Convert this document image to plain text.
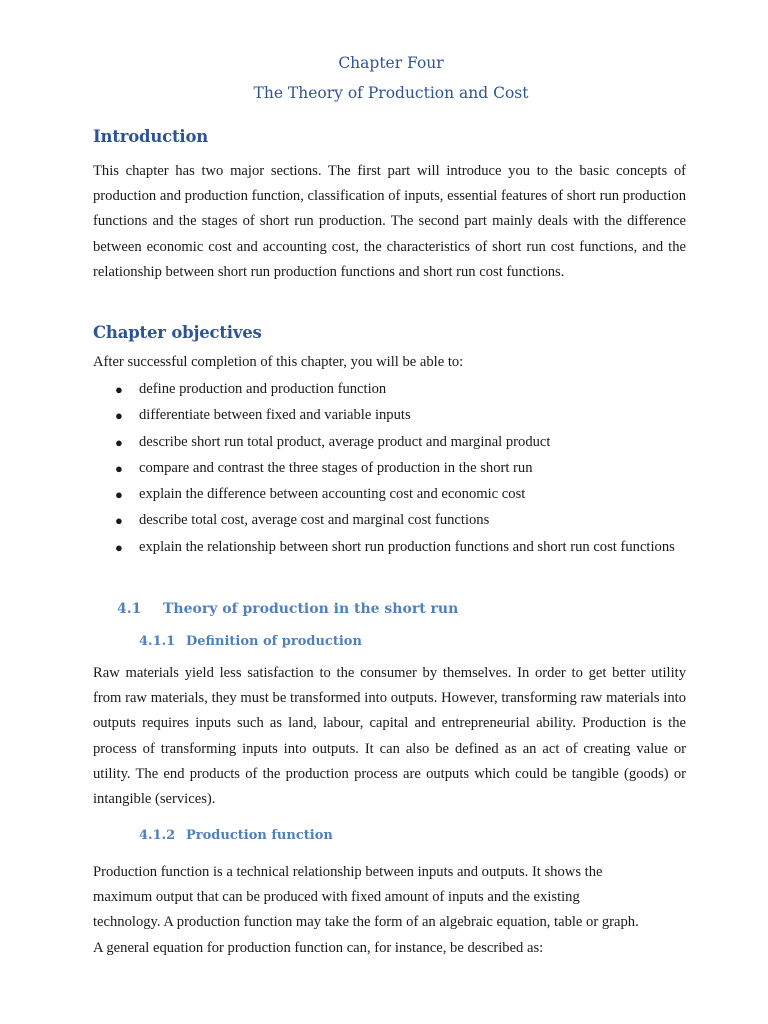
Chapter Four
The Theory of Production and Cost
Introduction
This chapter has two major sections. The first part will introduce you to the basic concepts of production and production function, classification of inputs, essential features of short run production functions and the stages of short run production. The second part mainly deals with the difference between economic cost and accounting cost, the characteristics of short run cost functions, and the relationship between short run production functions and short run cost functions.
Chapter objectives
After successful completion of this chapter, you will be able to:
● define production and production function
● differentiate between fixed and variable inputs
● describe short run total product, average product and marginal product
● compare and contrast the three stages of production in the short run
● explain the difference between accounting cost and economic cost
● describe total cost, average cost and marginal cost functions
● explain the relationship between short run production functions and short run cost functions
4.1 Theory of production in the short run
4.1.1 Definition of production
Raw materials yield less satisfaction to the consumer by themselves. In order to get better utility from raw materials, they must be transformed into outputs. However, transforming raw materials into outputs requires inputs such as land, labour, capital and entrepreneurial ability. Production is the process of transforming inputs into outputs. It can also be defined as an act of creating value or utility. The end products of the production process are outputs which could be tangible (goods) or intangible (services).
4.1.2 Production function
Production function is a technical relationship between inputs and outputs. It shows the
maximum output that can be produced with fixed amount of inputs and the existing
technology. A production function may take the form of an algebraic equation, table or graph.
A general equation for production function can, for instance, be described as:
